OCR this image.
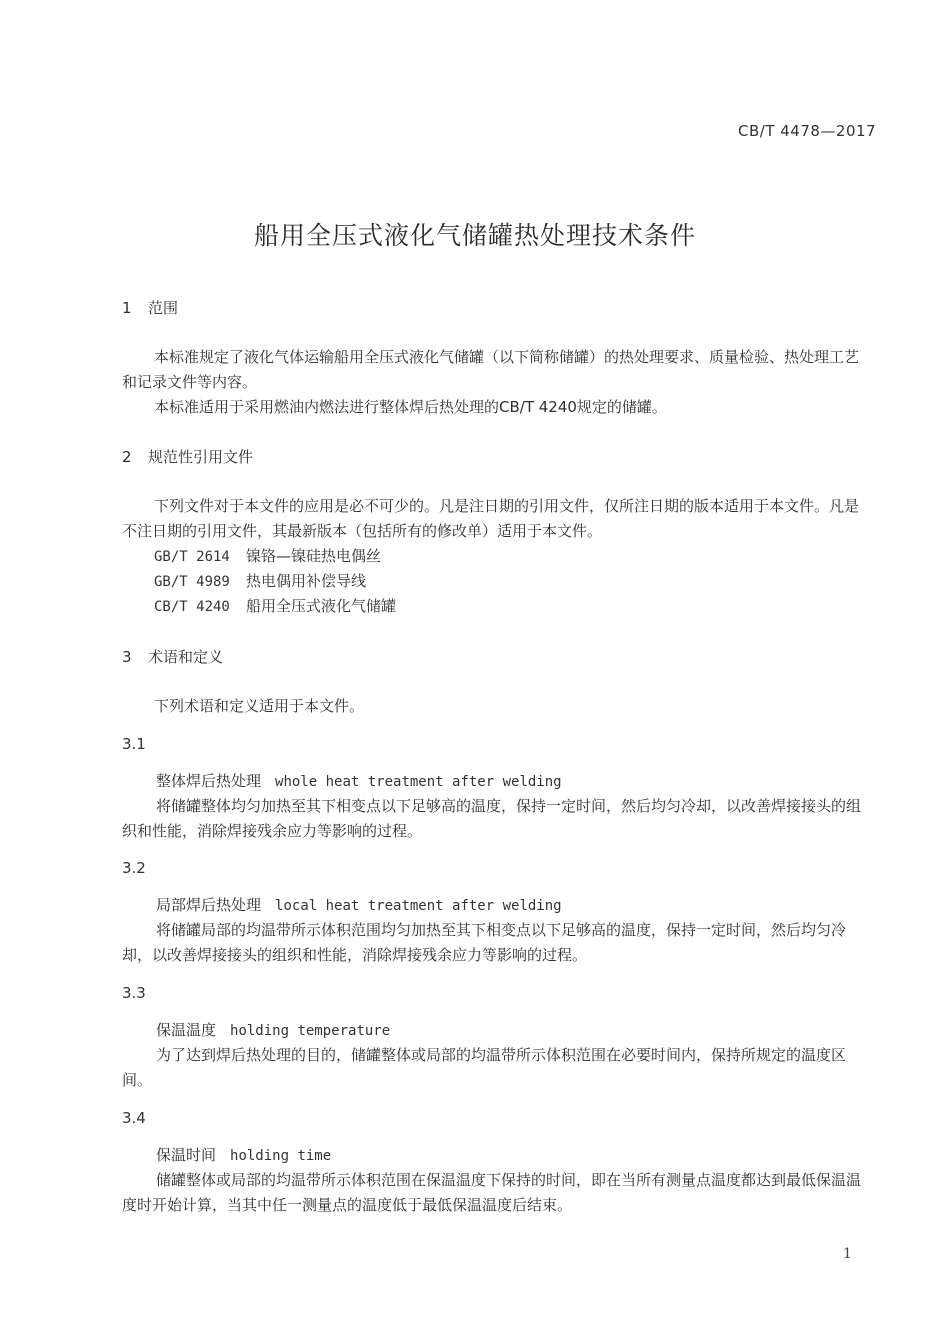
CB/T 4478—2017
船用全压式液化气储罐热处理技术条件
1 范围
本标准规定了液化气体运输船用全压式液化气储罐（以下简称储罐）的热处理要求、质量检验、热处理工艺和记录文件等内容。
本标准适用于采用燃油内燃法进行整体焊后热处理的CB/T 4240规定的储罐。
2 规范性引用文件
下列文件对于本文件的应用是必不可少的。凡是注日期的引用文件，仅所注日期的版本适用于本文件。凡是不注日期的引用文件，其最新版本（包括所有的修改单）适用于本文件。
GB/T 2614 镍铬—镍硅热电偶丝
GB/T 4989 热电偶用补偿导线
CB/T 4240 船用全压式液化气储罐
3 术语和定义
下列术语和定义适用于本文件。
3.1
整体焊后热处理 whole heat treatment after welding
将储罐整体均匀加热至其下相变点以下足够高的温度，保持一定时间，然后均匀冷却，以改善焊接接头的组织和性能，消除焊接残余应力等影响的过程。
3.2
局部焊后热处理 local heat treatment after welding
将储罐局部的均温带所示体积范围均匀加热至其下相变点以下足够高的温度，保持一定时间，然后均匀冷却，以改善焊接接头的组织和性能，消除焊接残余应力等影响的过程。
3.3
保温温度 holding temperature
为了达到焊后热处理的目的，储罐整体或局部的均温带所示体积范围在必要时间内，保持所规定的温度区间。
3.4
保温时间 holding time
储罐整体或局部的均温带所示体积范围在保温温度下保持的时间，即在当所有测量点温度都达到最低保温温度时开始计算，当其中任一测量点的温度低于最低保温温度后结束。
1
